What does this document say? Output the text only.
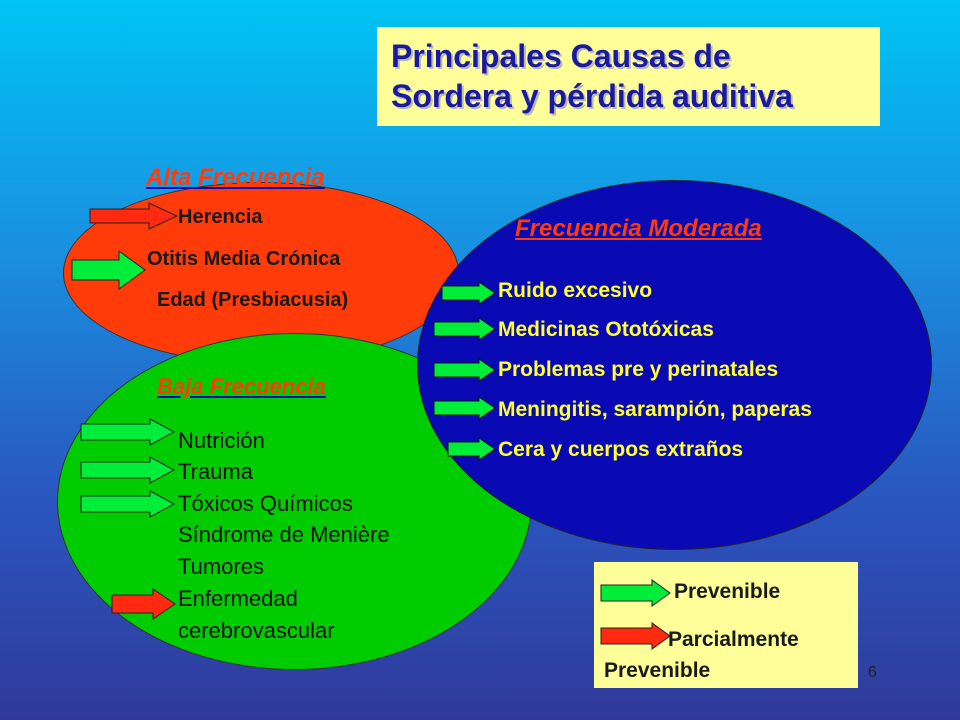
Principales Causas de
Sordera y pérdida auditiva
Alta Frecuencia
Baja Frecuencia
Frecuencia Moderada
Herencia
Otitis Media Crónica
Edad (Presbiacusia)
Nutrición
Trauma
Tóxicos Químicos
Síndrome de Menière
Tumores
Enfermedad
cerebrovascular
Ruido excesivo
Medicinas Ototóxicas
Problemas pre y perinatales
Meningitis, sarampión, paperas
Cera y cuerpos extraños
Prevenible
Parcialmente
Prevenible	6
